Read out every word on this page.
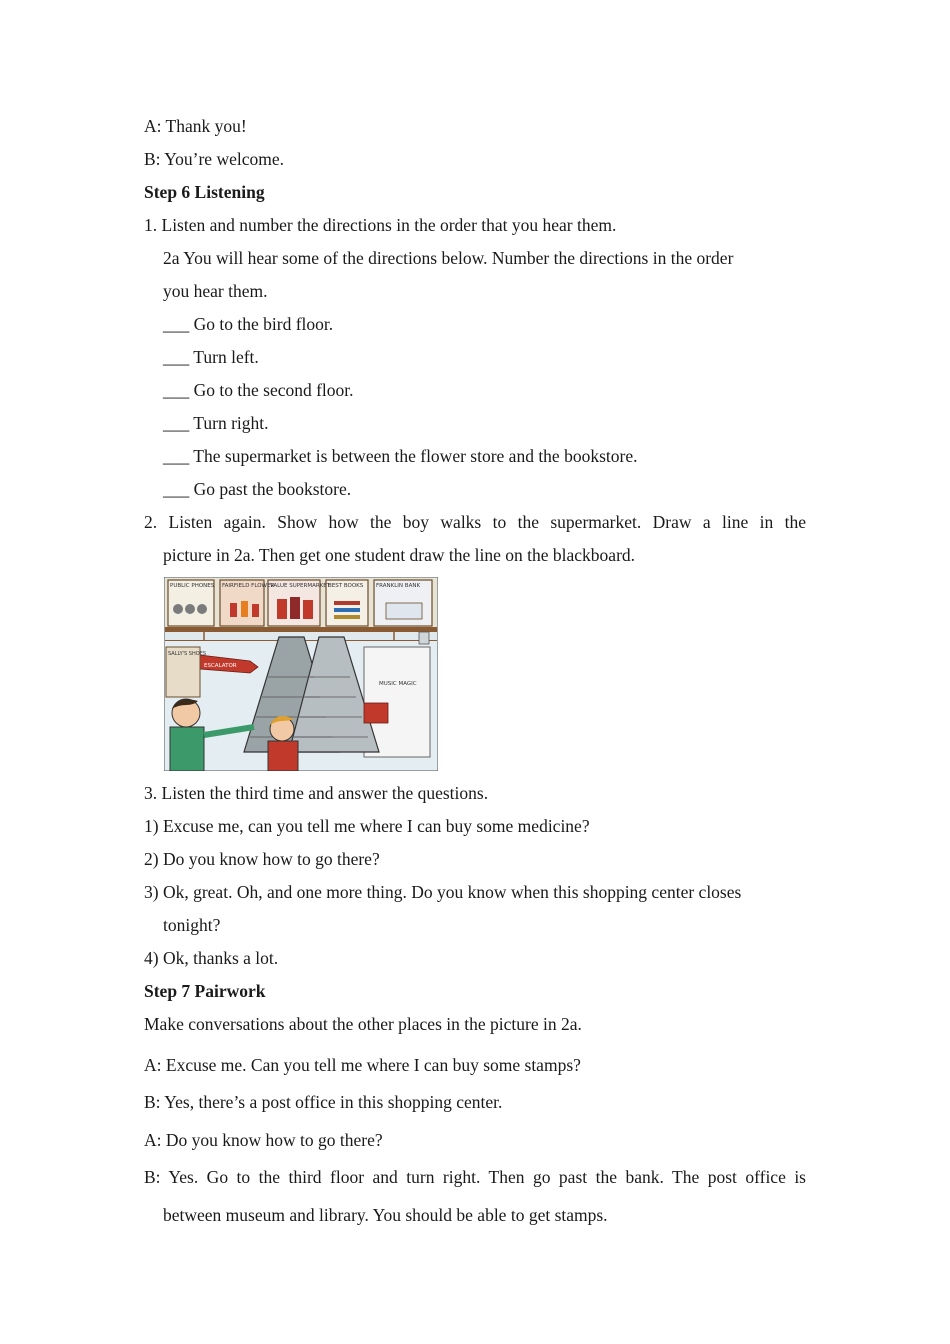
A: Thank you!
B: You’re welcome.
Step 6 Listening
1. Listen and number the directions in the order that you hear them.
2a You will hear some of the directions below. Number the directions in the order
you hear them.
___ Go to the bird floor.
___ Turn left.
___ Go to the second floor.
___ Turn right.
___ The supermarket is between the flower store and the bookstore.
___ Go past the bookstore.
2. Listen again. Show how the boy walks to the supermarket. Draw a line in the
picture in 2a. Then get one student draw the line on the blackboard.
PUBLIC PHONES FAIRFIELD FLOWER
VALUE SUPERMARKET
BEST BOOKS FRANKLIN BANK
ESCALATOR
SALLY'S SHOES
MUSIC MAGIC
3. Listen the third time and answer the questions.
1) Excuse me, can you tell me where I can buy some medicine?
2) Do you know how to go there?
3) Ok, great. Oh, and one more thing. Do you know when this shopping center closes
tonight?
4) Ok, thanks a lot.
Step 7 Pairwork
Make conversations about the other places in the picture in 2a.
A: Excuse me. Can you tell me where I can buy some stamps?
B: Yes, there’s a post office in this shopping center.
A: Do you know how to go there?
B: Yes. Go to the third floor and turn right. Then go past the bank. The post office is
between museum and library. You should be able to get stamps.
